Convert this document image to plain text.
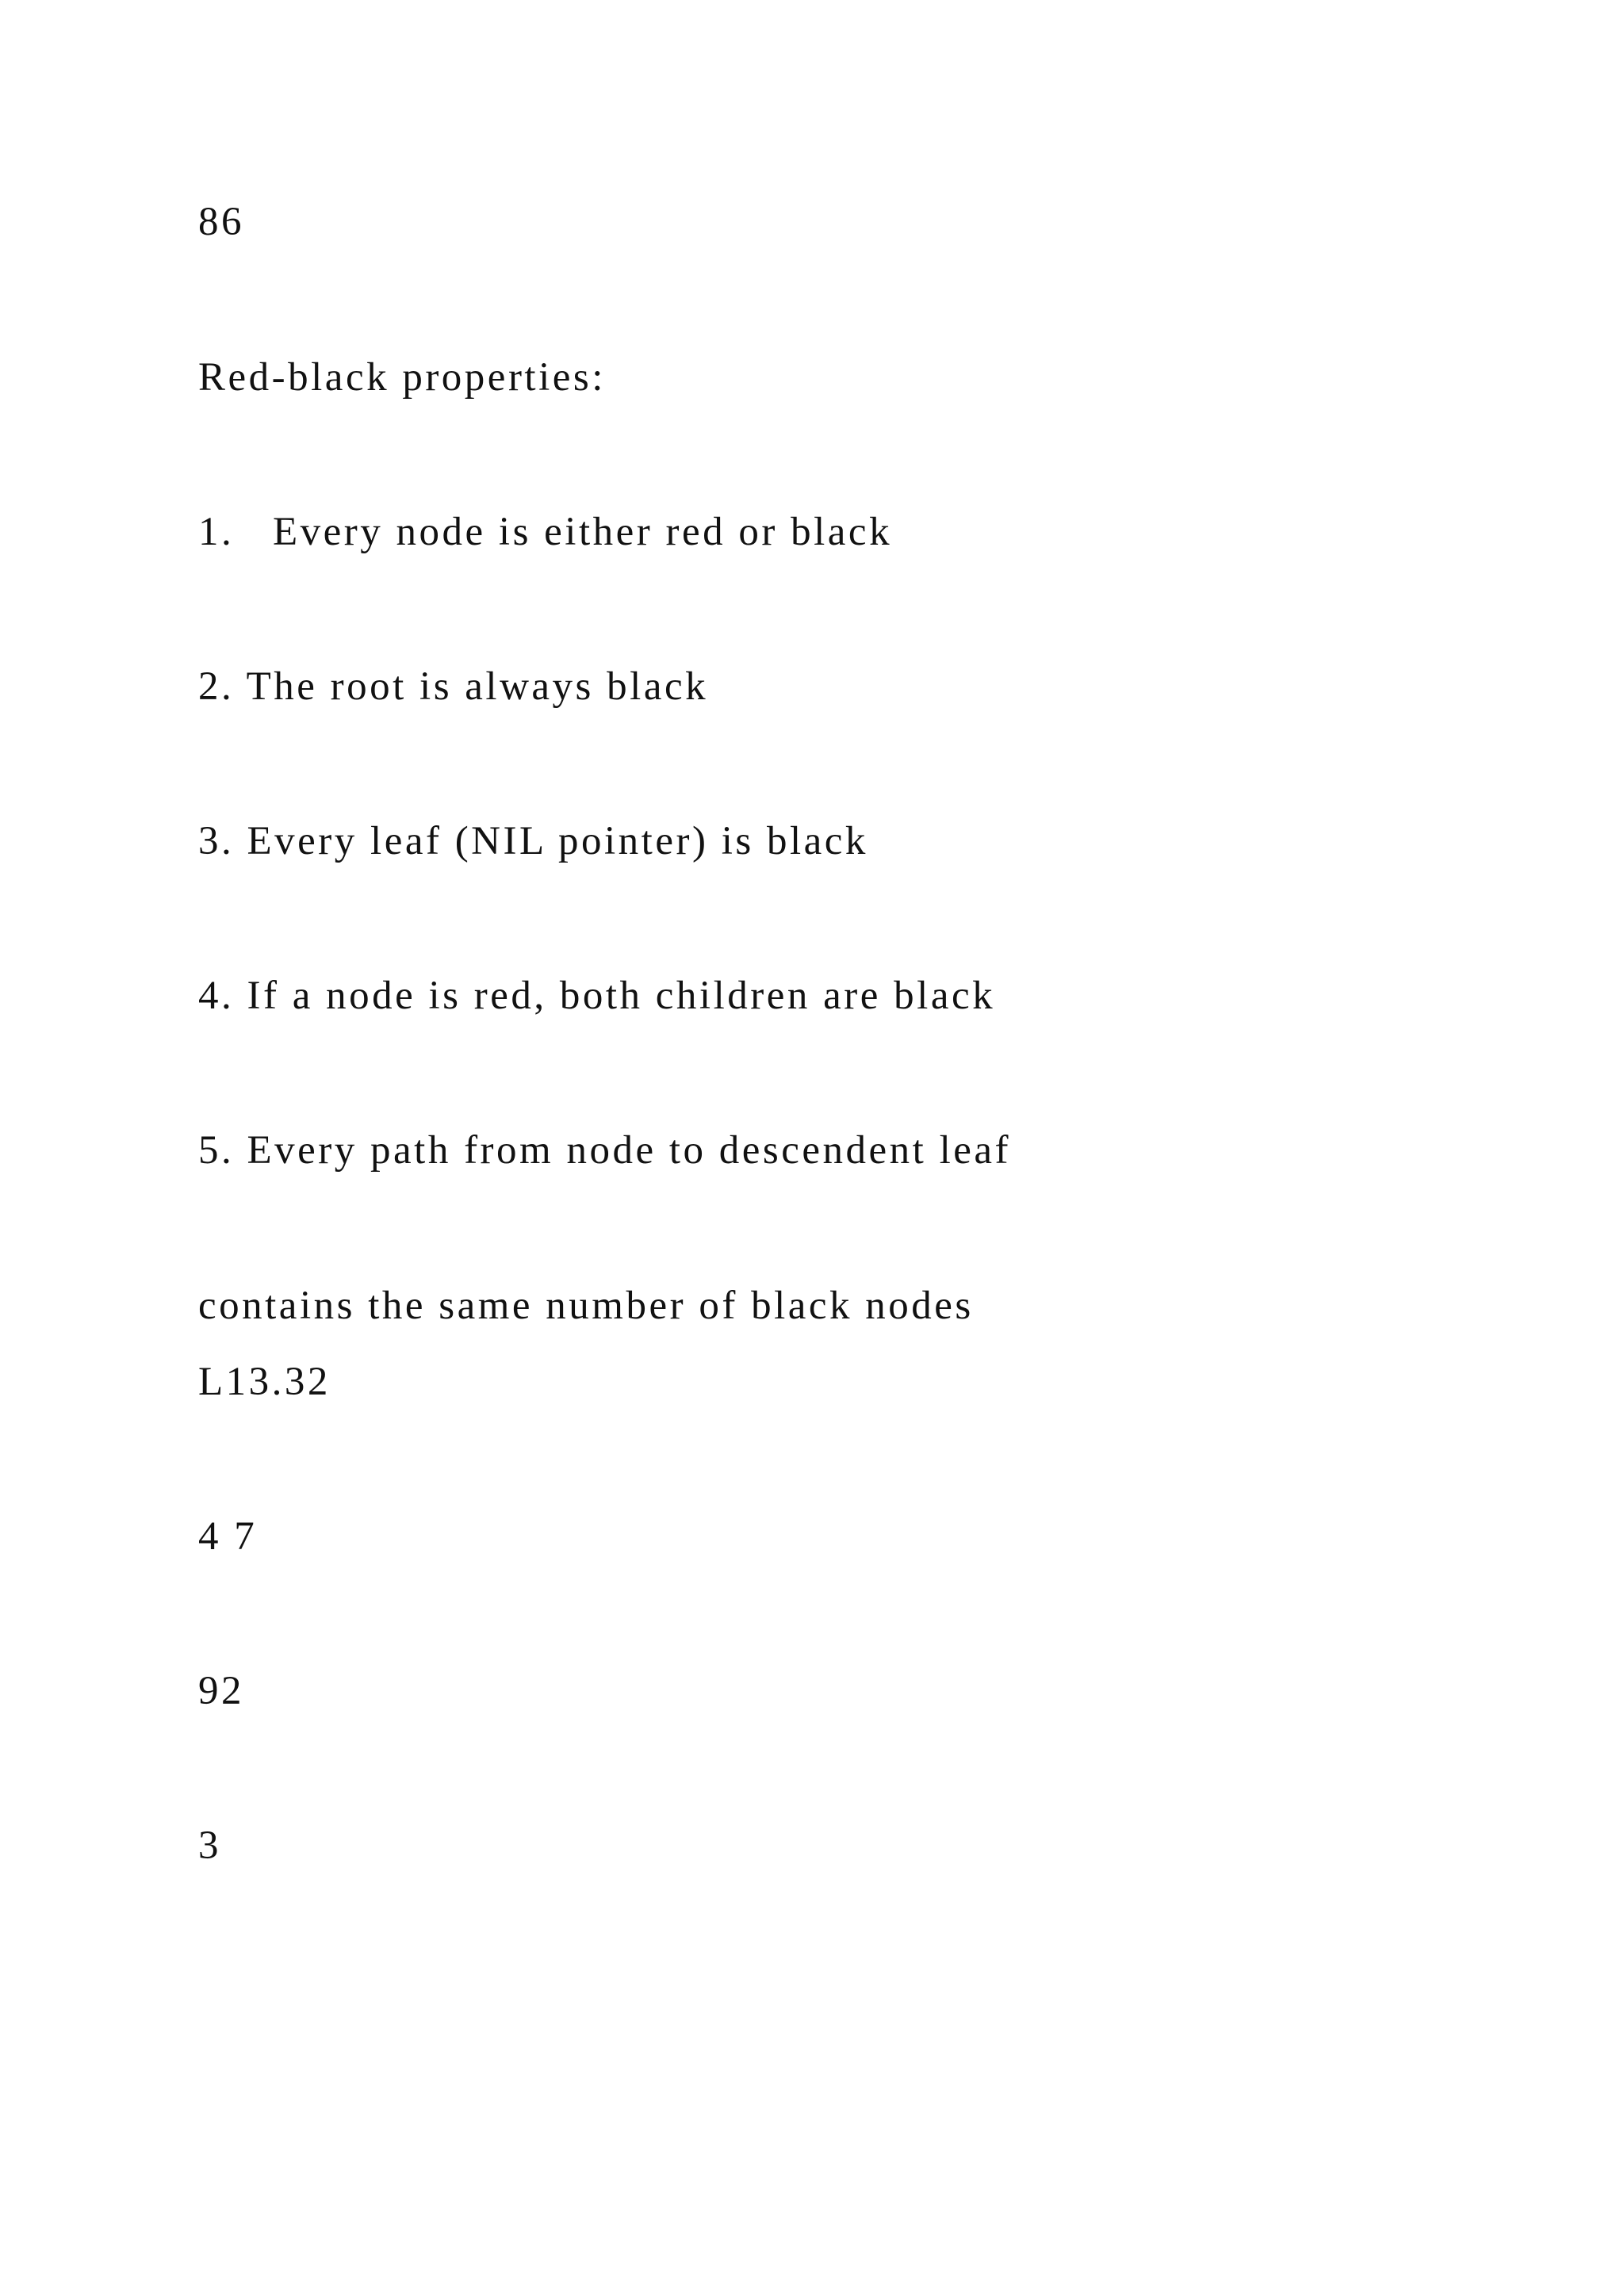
86

Red-black properties:

1.   Every node is either red or black

2. The root is always black

3. Every leaf (NIL pointer) is black

4. If a node is red, both children are black

5. Every path from node to descendent leaf

contains the same number of black nodes

L13.32

4 7

92

3
